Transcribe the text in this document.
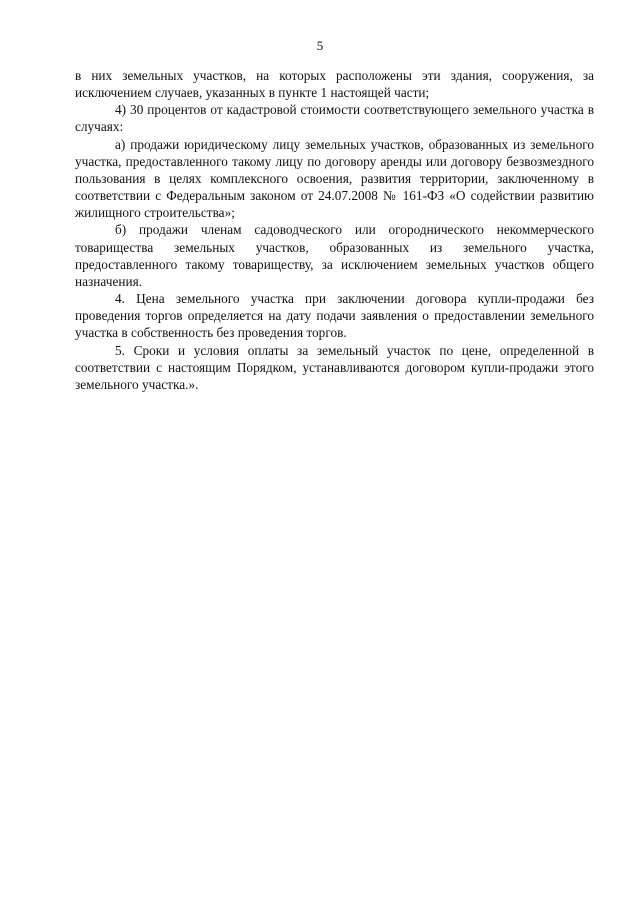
5

в них земельных участков, на которых расположены эти здания, сооружения, за исключением случаев, указанных в пункте 1 настоящей части;

4) 30 процентов от кадастровой стоимости соответствующего земельного участка в случаях:

а) продажи юридическому лицу земельных участков, образованных из земельного участка, предоставленного такому лицу по договору аренды или договору безвозмездного пользования в целях комплексного освоения, развития территории, заключенному в соответствии с Федеральным законом от 24.07.2008 № 161-ФЗ «О содействии развитию жилищного строительства»;

б) продажи членам садоводческого или огороднического некоммерческого товарищества земельных участков, образованных из земельного участка, предоставленного такому товариществу, за исключением земельных участков общего назначения.

4. Цена земельного участка при заключении договора купли-продажи без проведения торгов определяется на дату подачи заявления о предоставлении земельного участка в собственность без проведения торгов.

5. Сроки и условия оплаты за земельный участок по цене, определенной в соответствии с настоящим Порядком, устанавливаются договором купли-продажи этого земельного участка.».
